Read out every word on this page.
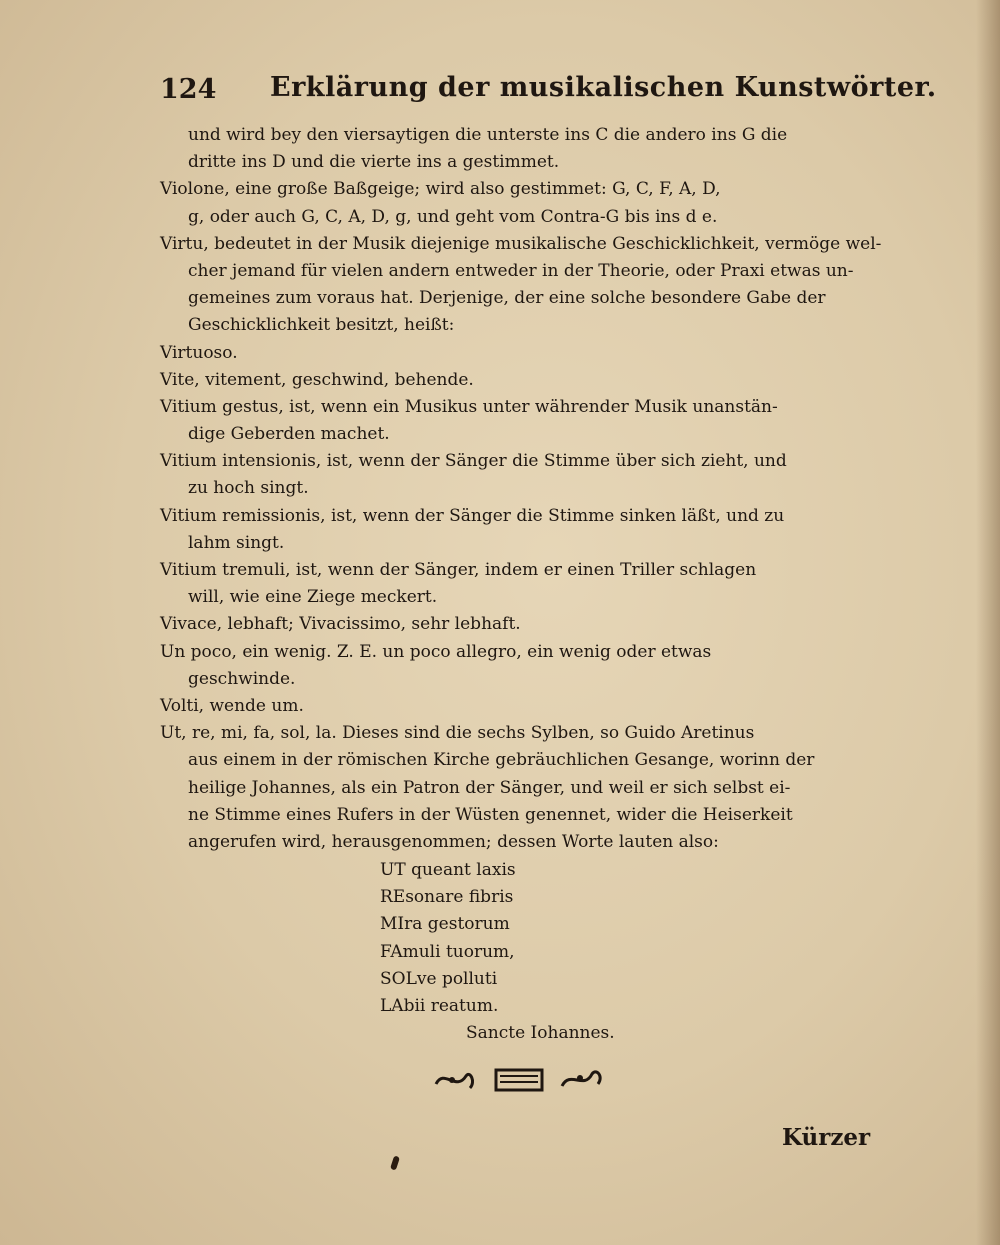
124 Erklärung der musikalischen Kunstwörter.
und wird bey den viersaytigen die unterste ins C die andero ins G die
dritte ins D und die vierte ins a gestimmet.
Violone, eine große Baßgeige; wird also gestimmet: G, C, F, A, D,
g, oder auch G, C, A, D, g, und geht vom Contra-G bis ins d e.
Virtu, bedeutet in der Musik diejenige musikalische Geschicklichkeit, vermöge wel-
cher jemand für vielen andern entweder in der Theorie, oder Praxi etwas un-
gemeines zum voraus hat. Derjenige, der eine solche besondere Gabe der
Geschicklichkeit besitzt, heißt:
Virtuoso.
Vite, vitement, geschwind, behende.
Vitium gestus, ist, wenn ein Musikus unter währender Musik unanstän-
dige Geberden machet.
Vitium intensionis, ist, wenn der Sänger die Stimme über sich zieht, und
zu hoch singt.
Vitium remissionis, ist, wenn der Sänger die Stimme sinken läßt, und zu
lahm singt.
Vitium tremuli, ist, wenn der Sänger, indem er einen Triller schlagen
will, wie eine Ziege meckert.
Vivace, lebhaft; Vivacissimo, sehr lebhaft.
Un poco, ein wenig. Z. E. un poco allegro, ein wenig oder etwas
geschwinde.
Volti, wende um.
Ut, re, mi, fa, sol, la. Dieses sind die sechs Sylben, so Guido Aretinus
aus einem in der römischen Kirche gebräuchlichen Gesange, worinn der
heilige Johannes, als ein Patron der Sänger, und weil er sich selbst ei-
ne Stimme eines Rufers in der Wüsten genennet, wider die Heiserkeit
angerufen wird, herausgenommen; dessen Worte lauten also:
UT queant laxis
REsonare fibris
MIra gestorum
FAmuli tuorum,
SOLve polluti
LAbii reatum.
Sancte Iohannes.
Kürzer
